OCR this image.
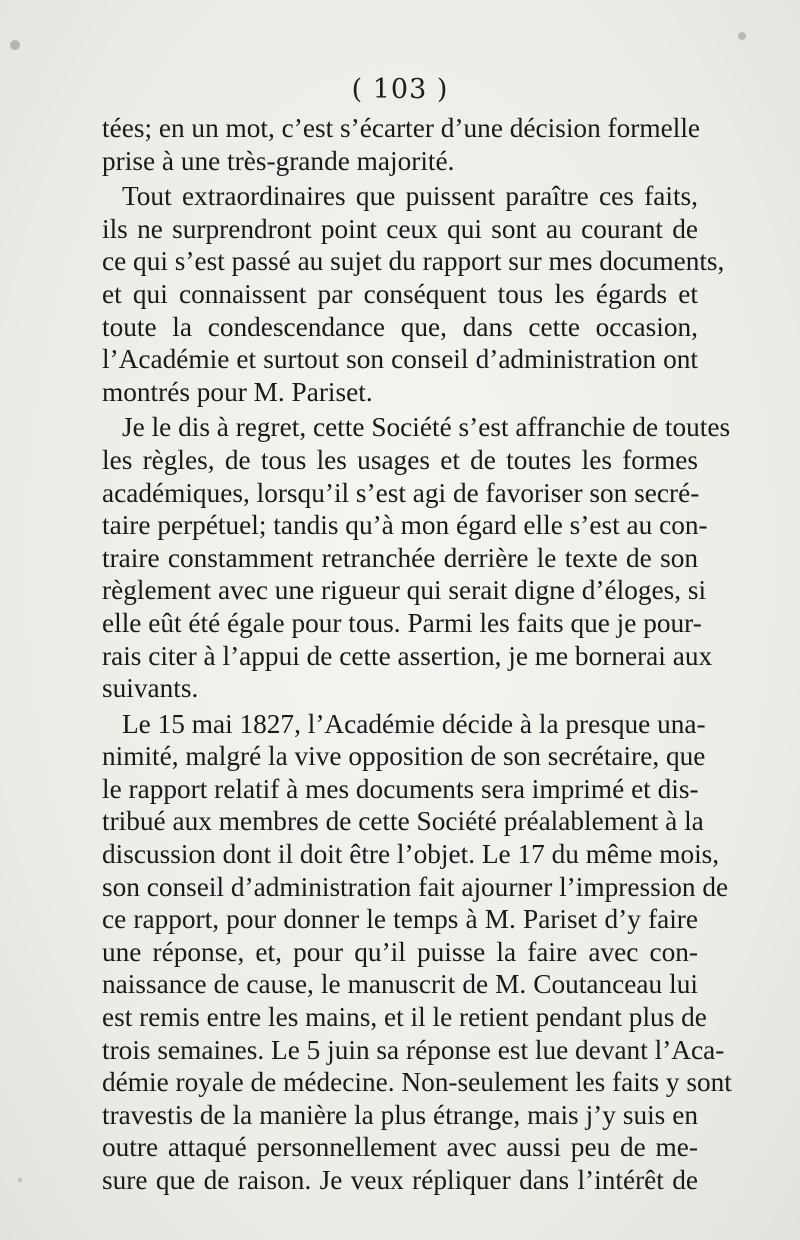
( 103 )
tées; en un mot, c’est s’écarter d’une décision formelle
prise à une très-grande majorité.
Tout extraordinaires que puissent paraître ces faits,
ils ne surprendront point ceux qui sont au courant de
ce qui s’est passé au sujet du rapport sur mes documents,
et qui connaissent par conséquent tous les égards et
toute la condescendance que, dans cette occasion,
l’Académie et surtout son conseil d’administration ont
montrés pour M. Pariset.
Je le dis à regret, cette Société s’est affranchie de toutes
les règles, de tous les usages et de toutes les formes
académiques, lorsqu’il s’est agi de favoriser son secré-
taire perpétuel; tandis qu’à mon égard elle s’est au con-
traire constamment retranchée derrière le texte de son
règlement avec une rigueur qui serait digne d’éloges, si
elle eût été égale pour tous. Parmi les faits que je pour-
rais citer à l’appui de cette assertion, je me bornerai aux
suivants.
Le 15 mai 1827, l’Académie décide à la presque una-
nimité, malgré la vive opposition de son secrétaire, que
le rapport relatif à mes documents sera imprimé et dis-
tribué aux membres de cette Société préalablement à la
discussion dont il doit être l’objet. Le 17 du même mois,
son conseil d’administration fait ajourner l’impression de
ce rapport, pour donner le temps à M. Pariset d’y faire
une réponse, et, pour qu’il puisse la faire avec con-
naissance de cause, le manuscrit de M. Coutanceau lui
est remis entre les mains, et il le retient pendant plus de
trois semaines. Le 5 juin sa réponse est lue devant l’Aca-
démie royale de médecine. Non-seulement les faits y sont
travestis de la manière la plus étrange, mais j’y suis en
outre attaqué personnellement avec aussi peu de me-
sure que de raison. Je veux répliquer dans l’intérêt de
